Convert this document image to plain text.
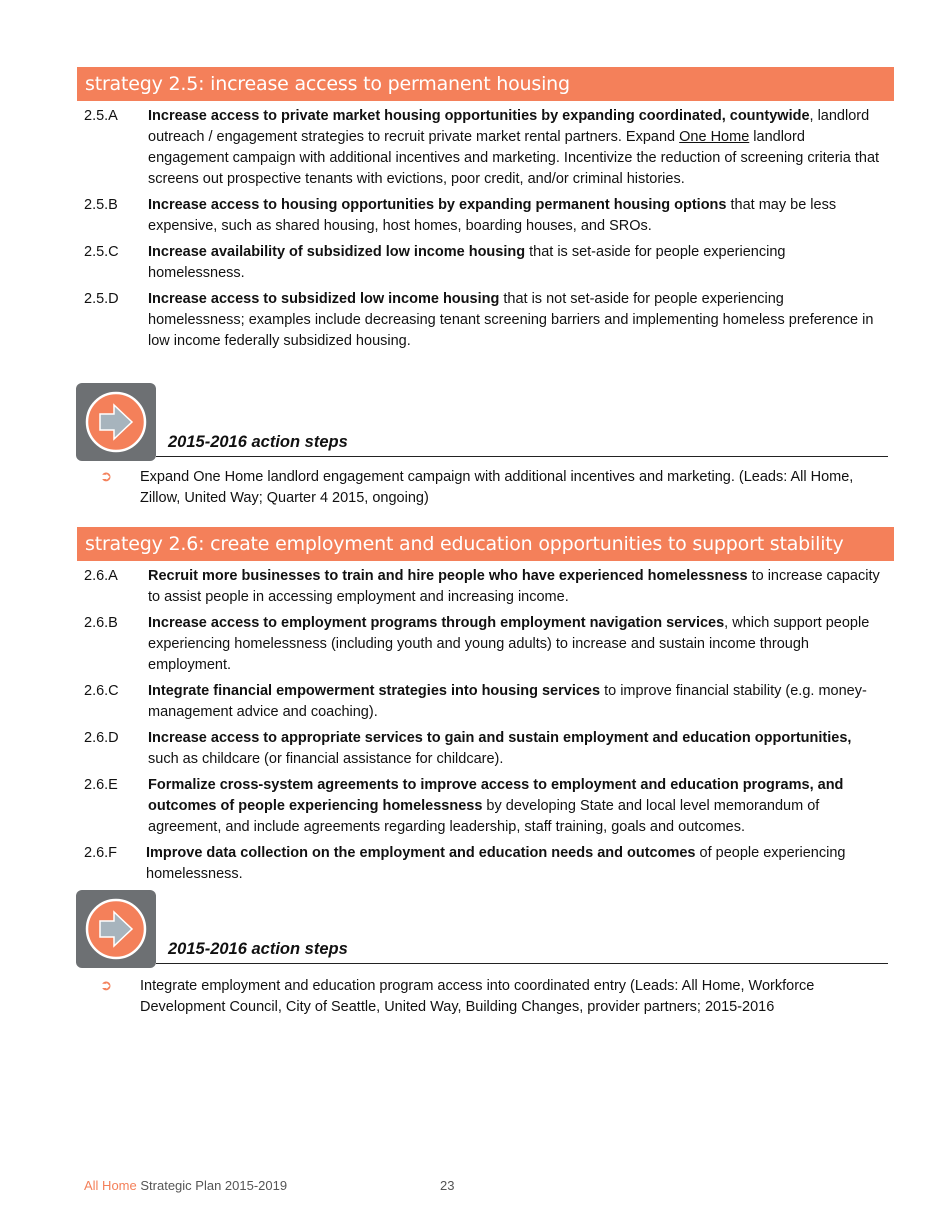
strategy 2.5: increase access to permanent housing
2.5.A	Increase access to private market housing opportunities by expanding coordinated, countywide, landlord outreach / engagement strategies to recruit private market rental partners. Expand One Home landlord engagement campaign with additional incentives and marketing. Incentivize the reduction of screening criteria that screens out prospective tenants with evictions, poor credit, and/or criminal histories.
2.5.B	Increase access to housing opportunities by expanding permanent housing options that may be less expensive, such as shared housing, host homes, boarding houses, and SROs.
2.5.C	Increase availability of subsidized low income housing that is set-aside for people experiencing homelessness.
2.5.D	Increase access to subsidized low income housing that is not set-aside for people experiencing homelessness; examples include decreasing tenant screening barriers and implementing homeless preference in low income federally subsidized housing.
2015-2016 action steps
➲ Expand One Home landlord engagement campaign with additional incentives and marketing. (Leads: All Home, Zillow, United Way; Quarter 4 2015, ongoing)
strategy 2.6: create employment and education opportunities to support stability
2.6.A	Recruit more businesses to train and hire people who have experienced homelessness to increase capacity to assist people in accessing employment and increasing income.
2.6.B	Increase access to employment programs through employment navigation services, which support people experiencing homelessness (including youth and young adults) to increase and sustain income through employment.
2.6.C	Integrate financial empowerment strategies into housing services to improve financial stability (e.g. money-management advice and coaching).
2.6.D	Increase access to appropriate services to gain and sustain employment and education opportunities, such as childcare (or financial assistance for childcare).
2.6.E	Formalize cross-system agreements to improve access to employment and education programs, and outcomes of people experiencing homelessness by developing State and local level memorandum of agreement, and include agreements regarding leadership, staff training, goals and outcomes.
2.6.F	Improve data collection on the employment and education needs and outcomes of people experiencing homelessness.
2015-2016 action steps
➲ Integrate employment and education program access into coordinated entry (Leads: All Home, Workforce Development Council, City of Seattle, United Way, Building Changes, provider partners; 2015-2016
All Home Strategic Plan 2015-2019	23
